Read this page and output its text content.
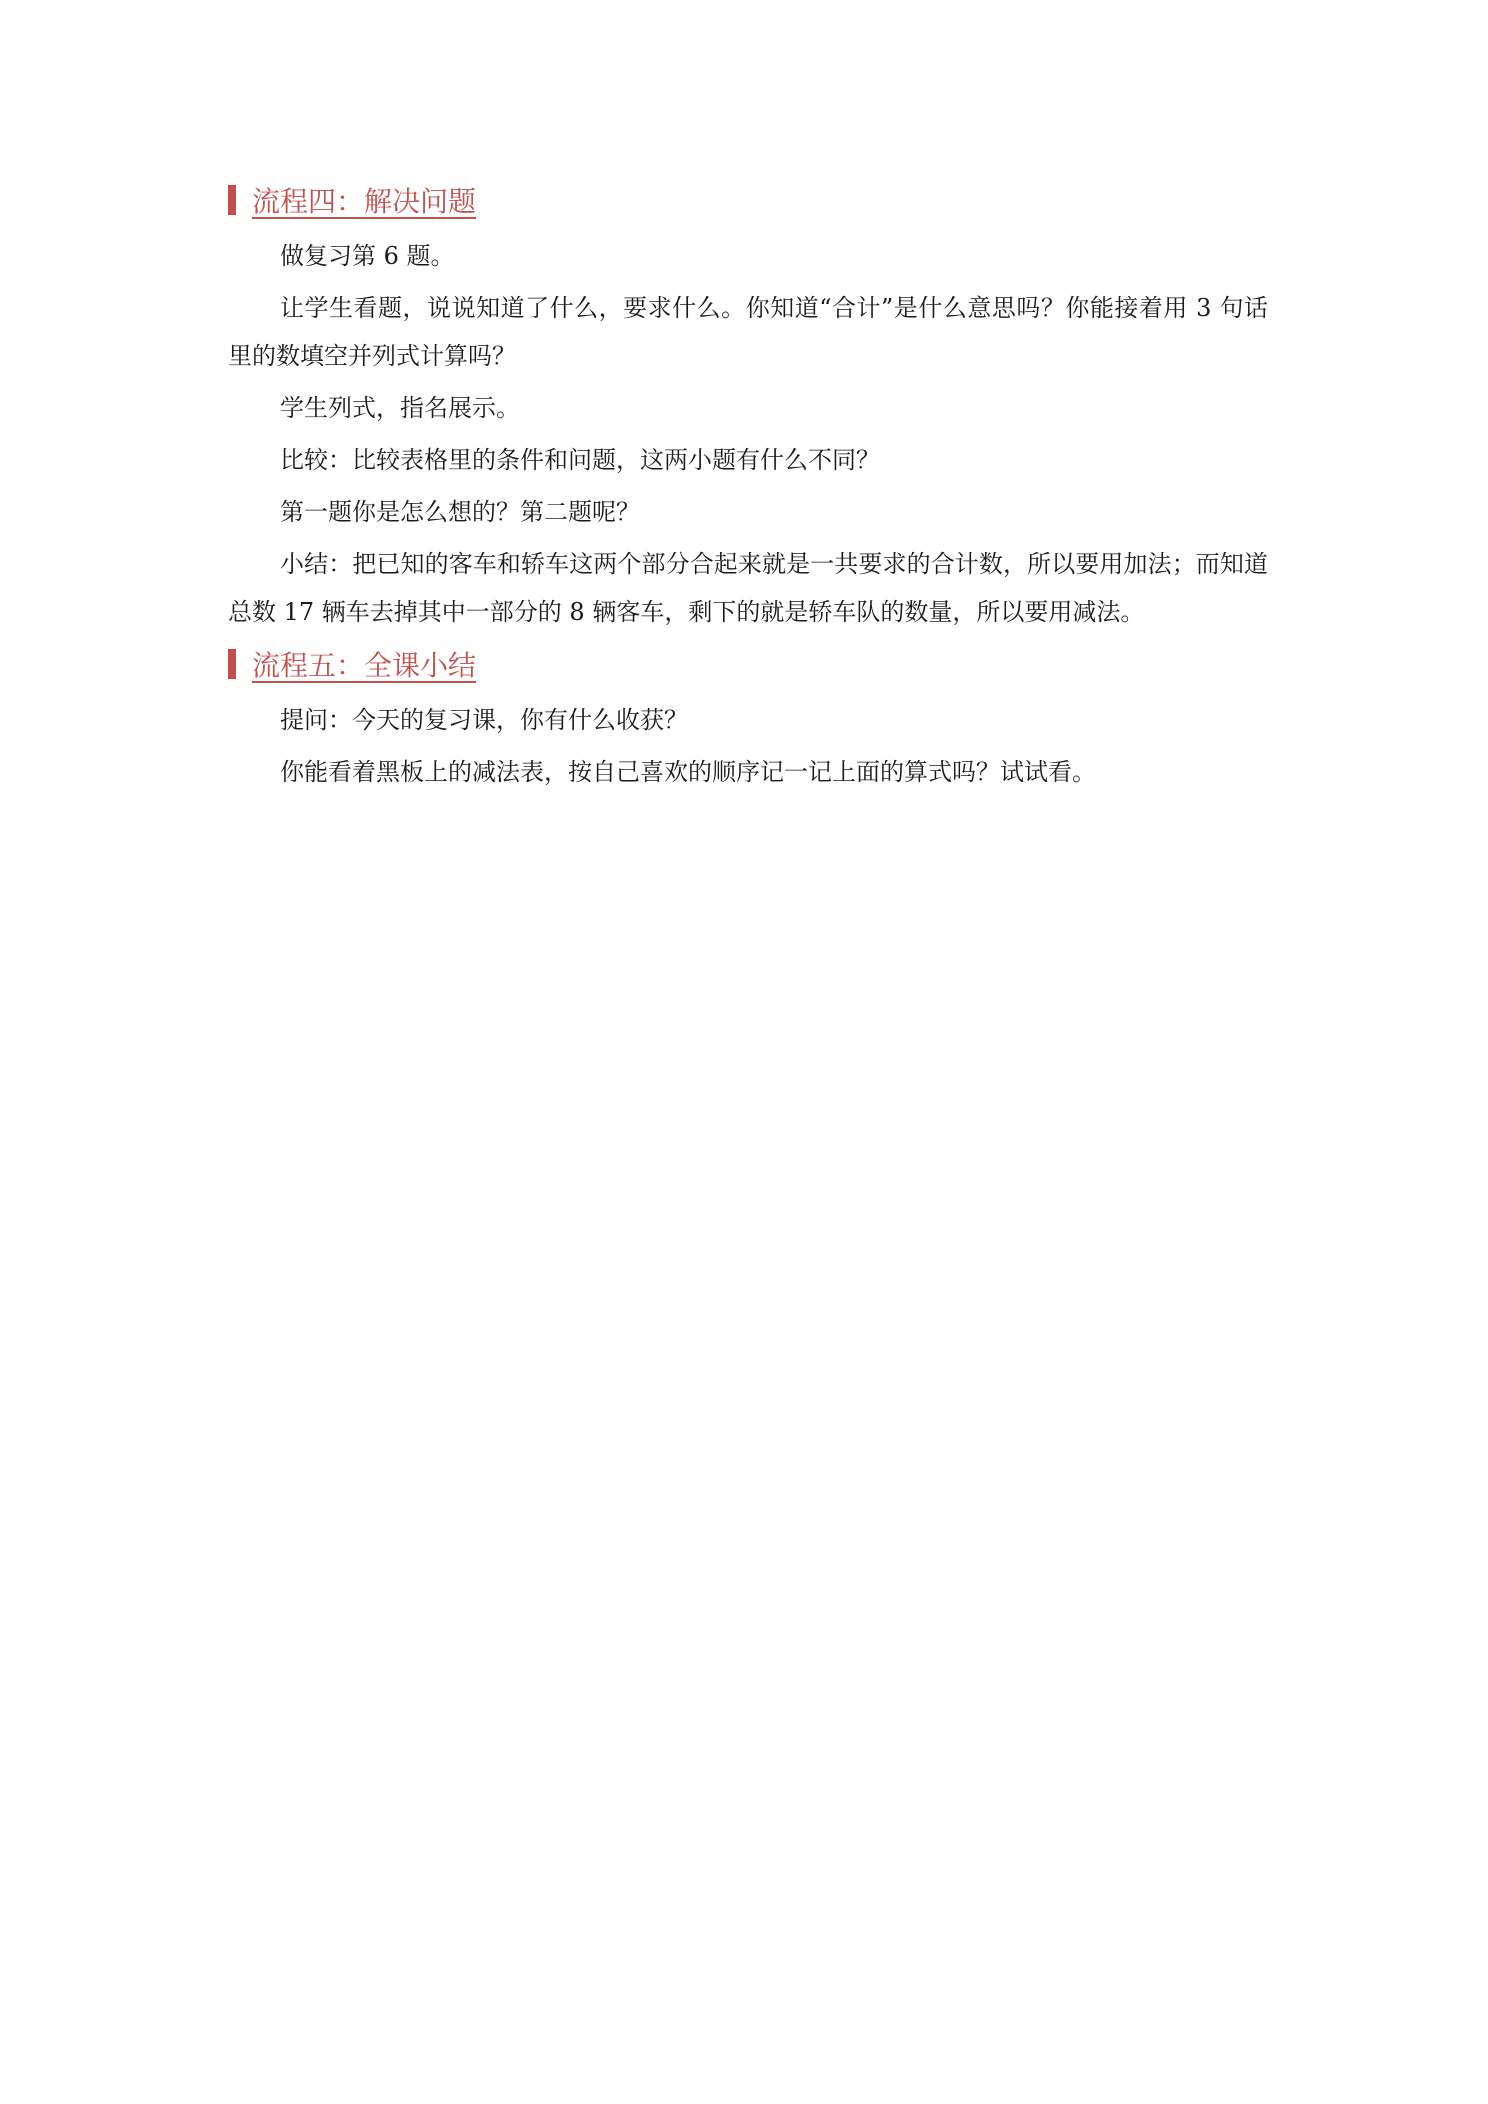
流程四：解决问题

做复习第 6 题。

让学生看题，说说知道了什么，要求什么。你知道“合计”是什么意思吗？你能接着用 3 句话里的数填空并列式计算吗？

学生列式，指名展示。

比较：比较表格里的条件和问题，这两小题有什么不同？

第一题你是怎么想的？第二题呢？

小结：把已知的客车和轿车这两个部分合起来就是一共要求的合计数，所以要用加法；而知道总数 17 辆车去掉其中一部分的 8 辆客车，剩下的就是轿车队的数量，所以要用减法。

流程五：全课小结

提问：今天的复习课，你有什么收获？

你能看着黑板上的减法表，按自己喜欢的顺序记一记上面的算式吗？试试看。
